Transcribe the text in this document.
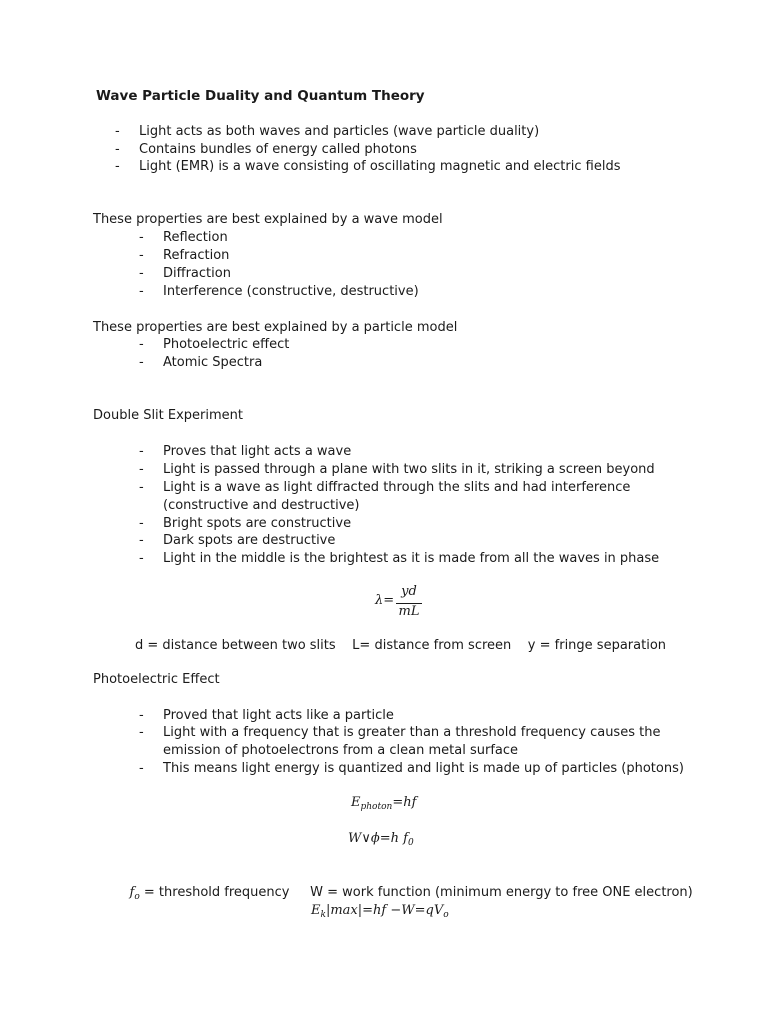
Wave Particle Duality and Quantum Theory
-	Light acts as both waves and particles (wave particle duality)
-	Contains bundles of energy called photons
-	Light (EMR) is a wave consisting of oscillating magnetic and electric fields
These properties are best explained by a wave model
-	Reflection
-	Refraction
-	Diffraction
-	Interference (constructive, destructive)
These properties are best explained by a particle model
-	Photoelectric effect
-	Atomic Spectra
Double Slit Experiment
-	Proves that light acts a wave
-	Light is passed through a plane with two slits in it, striking a screen beyond
-	Light is a wave as light diffracted through the slits and had interference
(constructive and destructive)
-	Bright spots are constructive
-	Dark spots are destructive
-	Light in the middle is the brightest as it is made from all the waves in phase
λ=
yd
mL
d = distance between two slits    L= distance from screen    y = fringe separation
Photoelectric Effect
-	Proved that light acts like a particle
-	Light with a frequency that is greater than a threshold frequency causes the
emission of photoelectrons from a clean metal surface
-	This means light energy is quantized and light is made up of particles (photons)
$E_{photon}=hf$
W∨ϕ=h $f_0$

$f_o$ = threshold frequency     W = work function (minimum energy to free ONE electron)

$E_k|\max|=hf -W=qV_o$
